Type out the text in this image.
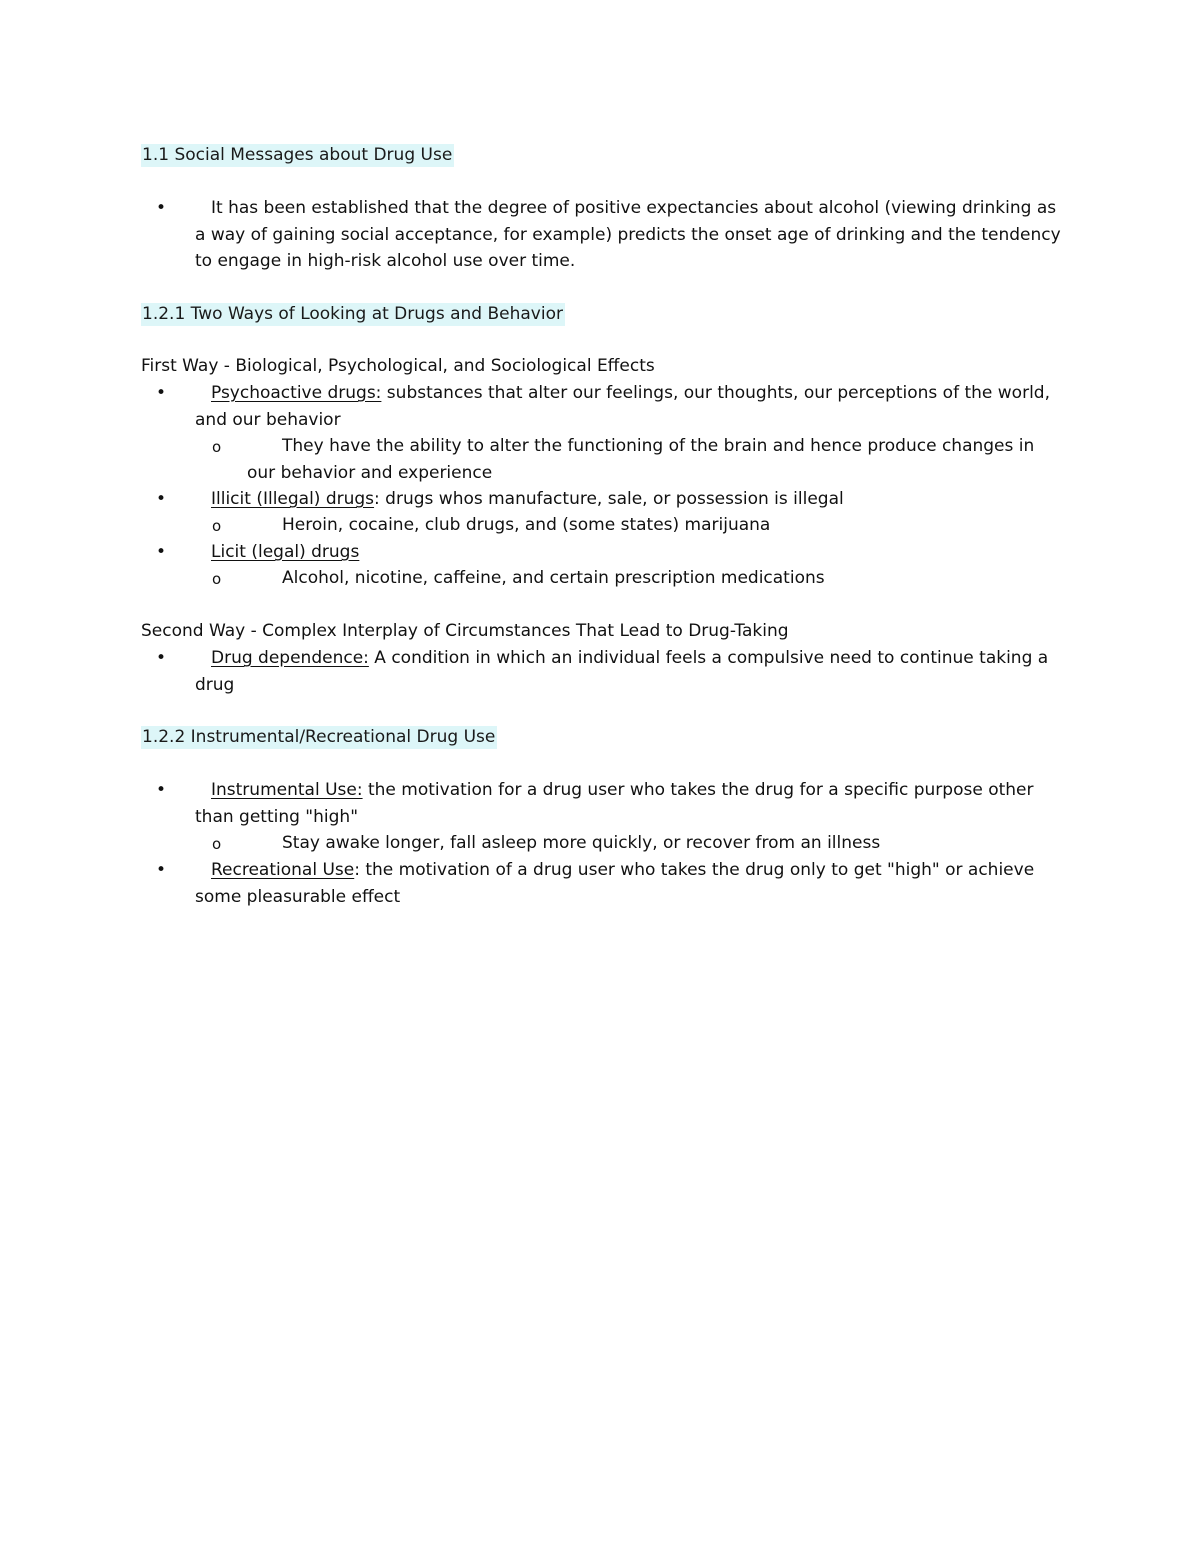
1.1 Social Messages about Drug Use
•	It has been established that the degree of positive expectancies about alcohol (viewing drinking as a way of gaining social acceptance, for example) predicts the onset age of drinking and the tendency to engage in high-risk alcohol use over time.
1.2.1 Two Ways of Looking at Drugs and Behavior
First Way - Biological, Psychological, and Sociological Effects
•	Psychoactive drugs: substances that alter our feelings, our thoughts, our perceptions of the world, and our behavior
o	They have the ability to alter the functioning of the brain and hence produce changes in our behavior and experience
•	Illicit (Illegal) drugs: drugs whos manufacture, sale, or possession is illegal
o	Heroin, cocaine, club drugs, and (some states) marijuana
•	Licit (legal) drugs
o	Alcohol, nicotine, caffeine, and certain prescription medications
Second Way - Complex Interplay of Circumstances That Lead to Drug-Taking
•	Drug dependence: A condition in which an individual feels a compulsive need to continue taking a drug
1.2.2 Instrumental/Recreational Drug Use
•	Instrumental Use: the motivation for a drug user who takes the drug for a specific purpose other than getting "high"
o	Stay awake longer, fall asleep more quickly, or recover from an illness
•	Recreational Use: the motivation of a drug user who takes the drug only to get "high" or achieve some pleasurable effect
